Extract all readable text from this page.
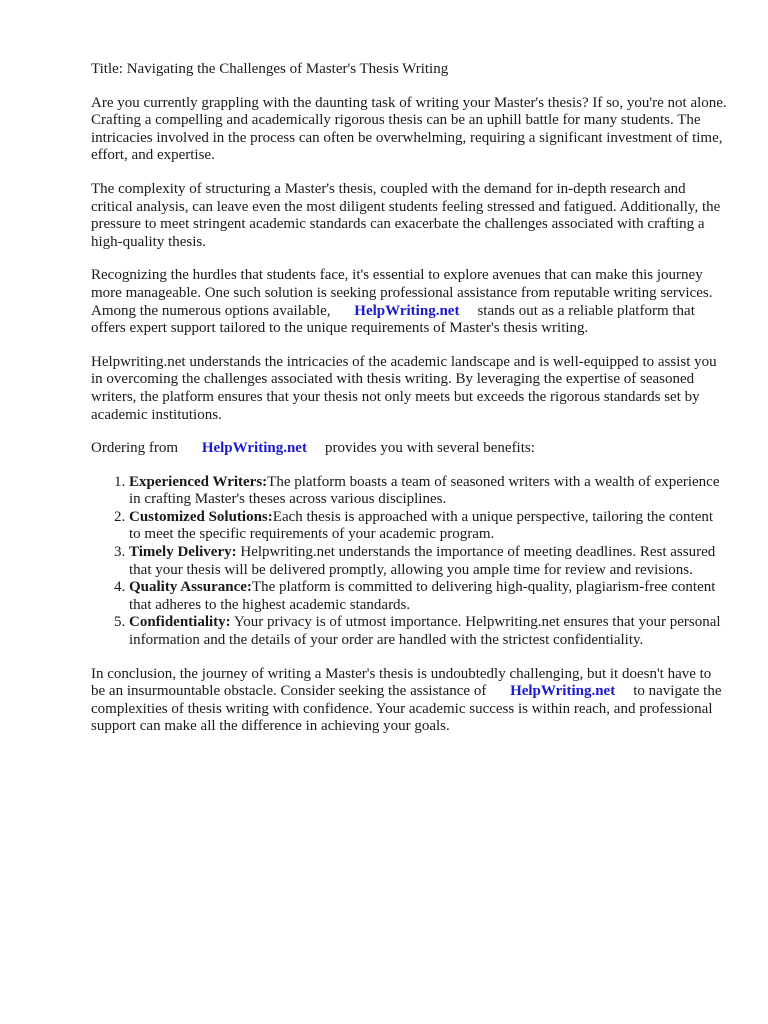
Title: Navigating the Challenges of Master's Thesis Writing

Are you currently grappling with the daunting task of writing your Master's thesis? If so, you're not alone. Crafting a compelling and academically rigorous thesis can be an uphill battle for many students. The intricacies involved in the process can often be overwhelming, requiring a significant investment of time, effort, and expertise.

The complexity of structuring a Master's thesis, coupled with the demand for in-depth research and critical analysis, can leave even the most diligent students feeling stressed and fatigued. Additionally, the pressure to meet stringent academic standards can exacerbate the challenges associated with crafting a high-quality thesis.

Recognizing the hurdles that students face, it's essential to explore avenues that can make this journey more manageable. One such solution is seeking professional assistance from reputable writing services. Among the numerous options available, HelpWriting.net stands out as a reliable platform that offers expert support tailored to the unique requirements of Master's thesis writing.

Helpwriting.net understands the intricacies of the academic landscape and is well-equipped to assist you in overcoming the challenges associated with thesis writing. By leveraging the expertise of seasoned writers, the platform ensures that your thesis not only meets but exceeds the rigorous standards set by academic institutions.

Ordering from HelpWriting.net provides you with several benefits:

1. Experienced Writers:The platform boasts a team of seasoned writers with a wealth of experience in crafting Master's theses across various disciplines.
2. Customized Solutions:Each thesis is approached with a unique perspective, tailoring the content to meet the specific requirements of your academic program.
3. Timely Delivery: Helpwriting.net understands the importance of meeting deadlines. Rest assured that your thesis will be delivered promptly, allowing you ample time for review and revisions.
4. Quality Assurance:The platform is committed to delivering high-quality, plagiarism-free content that adheres to the highest academic standards.
5. Confidentiality: Your privacy is of utmost importance. Helpwriting.net ensures that your personal information and the details of your order are handled with the strictest confidentiality.

In conclusion, the journey of writing a Master's thesis is undoubtedly challenging, but it doesn't have to be an insurmountable obstacle. Consider seeking the assistance of HelpWriting.net to navigate the complexities of thesis writing with confidence. Your academic success is within reach, and professional support can make all the difference in achieving your goals.
